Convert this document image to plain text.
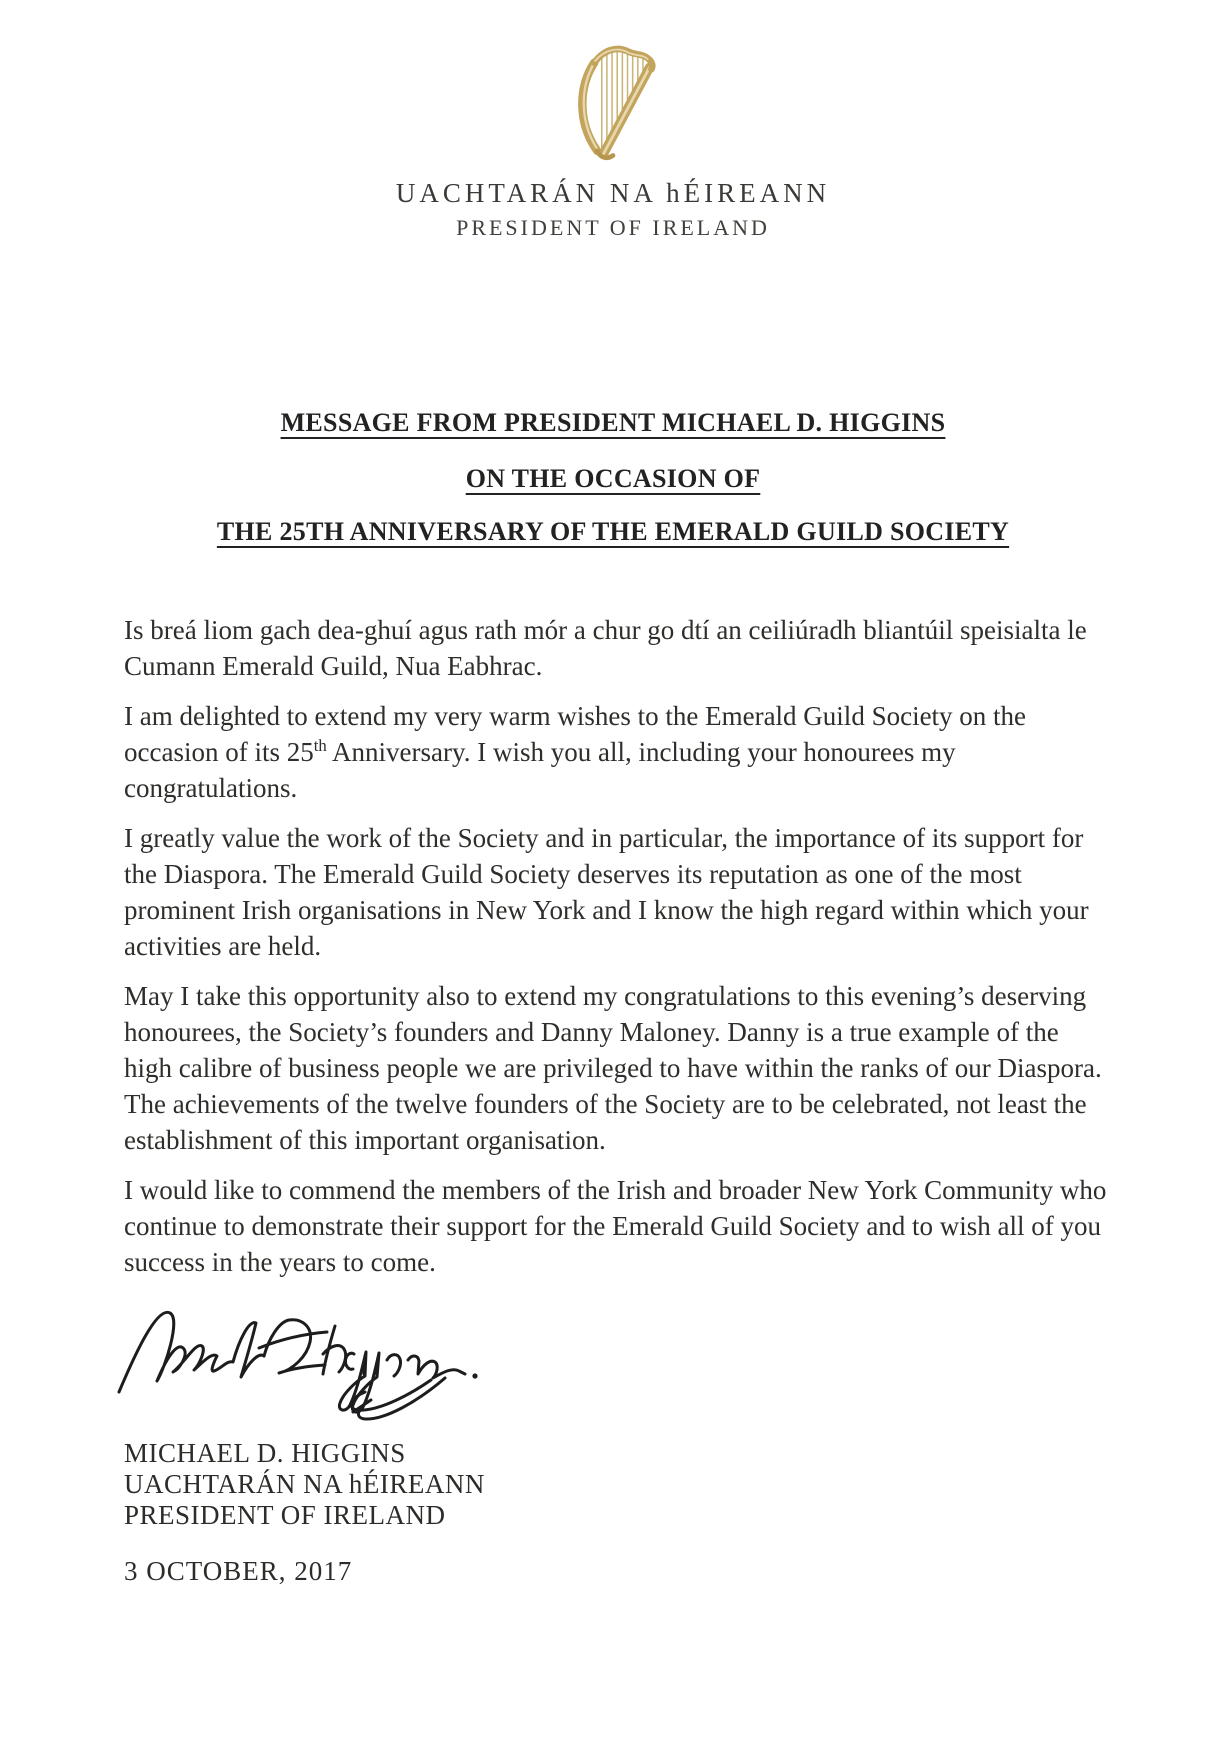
UACHTARÁN NA hÉIREANN
PRESIDENT OF IRELAND
MESSAGE FROM PRESIDENT MICHAEL D. HIGGINS
ON THE OCCASION OF
THE 25TH ANNIVERSARY OF THE EMERALD GUILD SOCIETY

Is breá liom gach dea-ghuí agus rath mór a chur go dtí an ceiliúradh bliantúil speisialta le Cumann Emerald Guild, Nua Eabhrac.

I am delighted to extend my very warm wishes to the Emerald Guild Society on the occasion of its 25th Anniversary. I wish you all, including your honourees my congratulations.

I greatly value the work of the Society and in particular, the importance of its support for the Diaspora. The Emerald Guild Society deserves its reputation as one of the most prominent Irish organisations in New York and I know the high regard within which your activities are held.

May I take this opportunity also to extend my congratulations to this evening’s deserving honourees, the Society’s founders and Danny Maloney. Danny is a true example of the high calibre of business people we are privileged to have within the ranks of our Diaspora. The achievements of the twelve founders of the Society are to be celebrated, not least the establishment of this important organisation.

I would like to commend the members of the Irish and broader New York Community who continue to demonstrate their support for the Emerald Guild Society and to wish all of you success in the years to come.

MICHAEL D. HIGGINS
UACHTARÁN NA hÉIREANN
PRESIDENT OF IRELAND
3 OCTOBER, 2017
